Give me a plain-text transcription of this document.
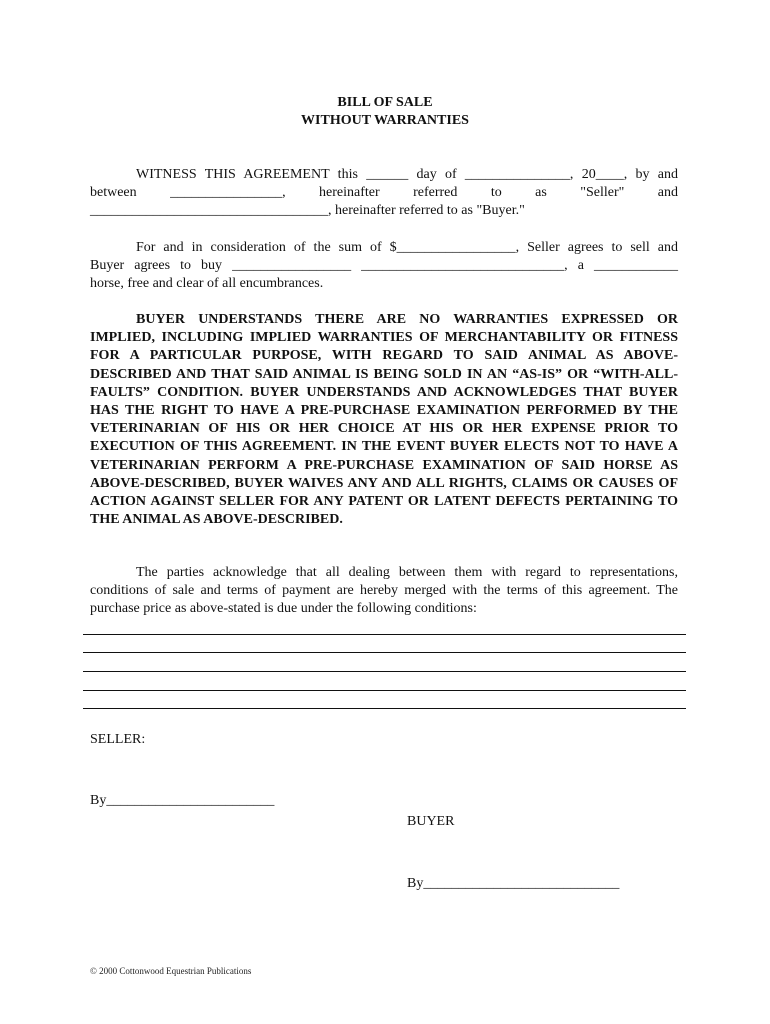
BILL OF SALE
WITHOUT WARRANTIES
WITNESS THIS AGREEMENT this ______ day of _______________, 20____, by and
between ________________, hereinafter referred to as "Seller" and
__________________________________, hereinafter referred to as "Buyer."
For and in consideration of the sum of $_________________, Seller agrees to sell and
Buyer agrees to buy _________________ _____________________________, a ____________
horse, free and clear of all encumbrances.
BUYER UNDERSTANDS THERE ARE NO WARRANTIES EXPRESSED OR IMPLIED, INCLUDING IMPLIED WARRANTIES OF MERCHANTABILITY OR FITNESS FOR A PARTICULAR PURPOSE, WITH REGARD TO SAID ANIMAL AS ABOVE-DESCRIBED AND THAT SAID ANIMAL IS BEING SOLD IN AN “AS-IS” OR “WITH-ALL-FAULTS” CONDITION. BUYER UNDERSTANDS AND ACKNOWLEDGES THAT BUYER HAS THE RIGHT TO HAVE A PRE-PURCHASE EXAMINATION PERFORMED BY THE VETERINARIAN OF HIS OR HER CHOICE AT HIS OR HER EXPENSE PRIOR TO EXECUTION OF THIS AGREEMENT. IN THE EVENT BUYER ELECTS NOT TO HAVE A VETERINARIAN PERFORM A PRE-PURCHASE EXAMINATION OF SAID HORSE AS ABOVE-DESCRIBED, BUYER WAIVES ANY AND ALL RIGHTS, CLAIMS OR CAUSES OF ACTION AGAINST SELLER FOR ANY PATENT OR LATENT DEFECTS PERTAINING TO THE ANIMAL AS ABOVE-DESCRIBED.
The parties acknowledge that all dealing between them with regard to representations, conditions of sale and terms of payment are hereby merged with the terms of this agreement. The purchase price as above-stated is due under the following conditions:
SELLER:
By________________________
BUYER
By____________________________
© 2000 Cottonwood Equestrian Publications
